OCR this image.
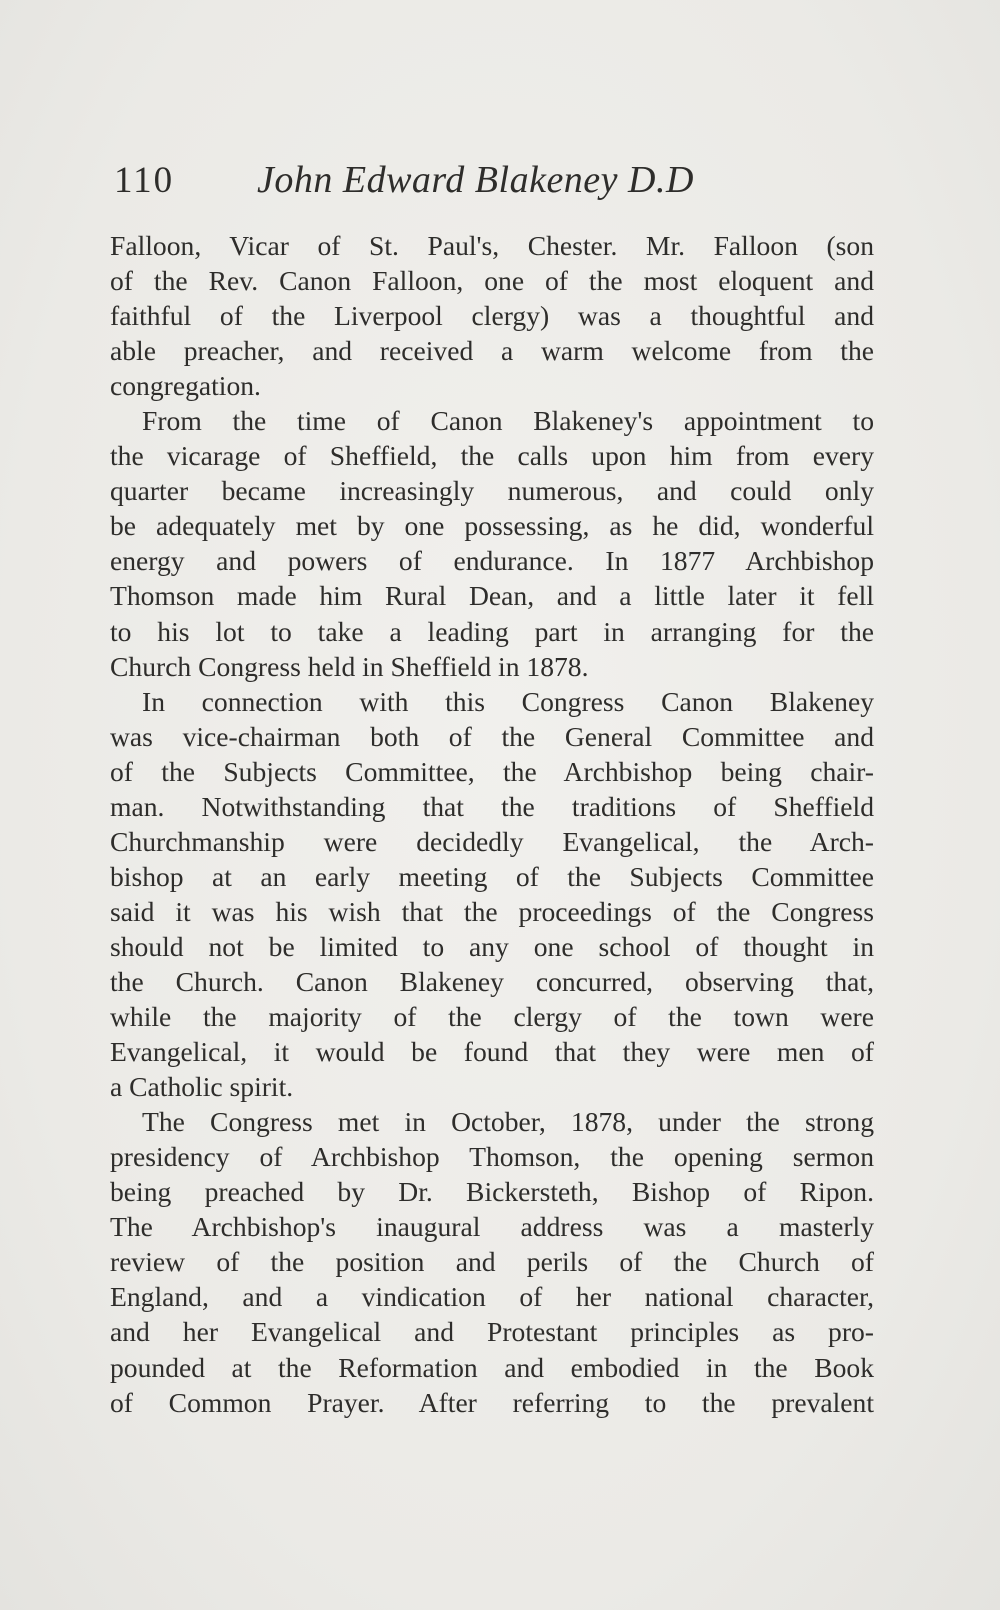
110 John Edward Blakeney D.D
Falloon, Vicar of St. Paul's, Chester. Mr. Falloon (son
of the Rev. Canon Falloon, one of the most eloquent and
faithful of the Liverpool clergy) was a thoughtful and
able preacher, and received a warm welcome from the
congregation.
From the time of Canon Blakeney's appointment to
the vicarage of Sheffield, the calls upon him from every
quarter became increasingly numerous, and could only
be adequately met by one possessing, as he did, wonderful
energy and powers of endurance. In 1877 Archbishop
Thomson made him Rural Dean, and a little later it fell
to his lot to take a leading part in arranging for the
Church Congress held in Sheffield in 1878.
In connection with this Congress Canon Blakeney
was vice-chairman both of the General Committee and
of the Subjects Committee, the Archbishop being chair-
man. Notwithstanding that the traditions of Sheffield
Churchmanship were decidedly Evangelical, the Arch-
bishop at an early meeting of the Subjects Committee
said it was his wish that the proceedings of the Congress
should not be limited to any one school of thought in
the Church. Canon Blakeney concurred, observing that,
while the majority of the clergy of the town were
Evangelical, it would be found that they were men of
a Catholic spirit.
The Congress met in October, 1878, under the strong
presidency of Archbishop Thomson, the opening sermon
being preached by Dr. Bickersteth, Bishop of Ripon.
The Archbishop's inaugural address was a masterly
review of the position and perils of the Church of
England, and a vindication of her national character,
and her Evangelical and Protestant principles as pro-
pounded at the Reformation and embodied in the Book
of Common Prayer. After referring to the prevalent
